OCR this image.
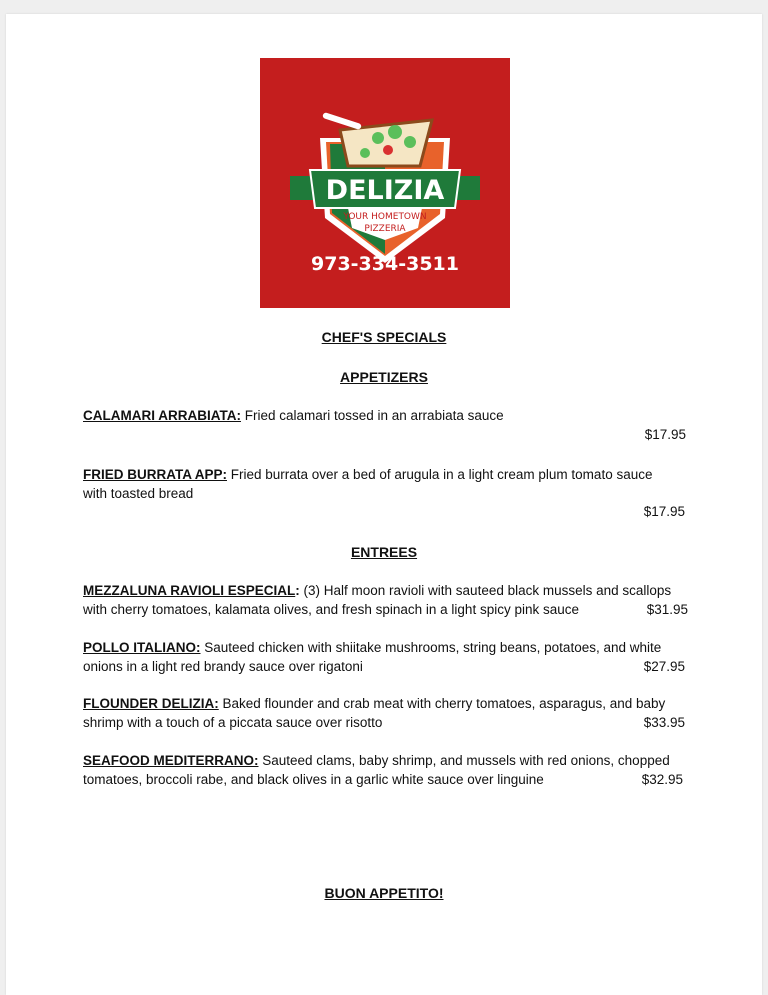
DELIZIA
YOUR HOMETOWN
PIZZERIA
973-334-3511
CHEF'S SPECIALS
APPETIZERS
CALAMARI ARRABIATA: Fried calamari tossed in an arrabiata sauce
$17.95
FRIED BURRATA APP: Fried burrata over a bed of arugula in a light cream plum tomato sauce
with toasted bread
$17.95
ENTREES
MEZZALUNA RAVIOLI ESPECIAL: (3) Half moon ravioli with sauteed black mussels and scallops
with cherry tomatoes, kalamata olives, and fresh spinach in a light spicy pink sauce	$31.95
POLLO ITALIANO: Sauteed chicken with shiitake mushrooms, string beans, potatoes, and white
onions in a light red brandy sauce over rigatoni	$27.95
FLOUNDER DELIZIA: Baked flounder and crab meat with cherry tomatoes, asparagus, and baby
shrimp with a touch of a piccata sauce over risotto	$33.95
SEAFOOD MEDITERRANO: Sauteed clams, baby shrimp, and mussels with red onions, chopped
tomatoes, broccoli rabe, and black olives in a garlic white sauce over linguine	$32.95
BUON APPETITO!
